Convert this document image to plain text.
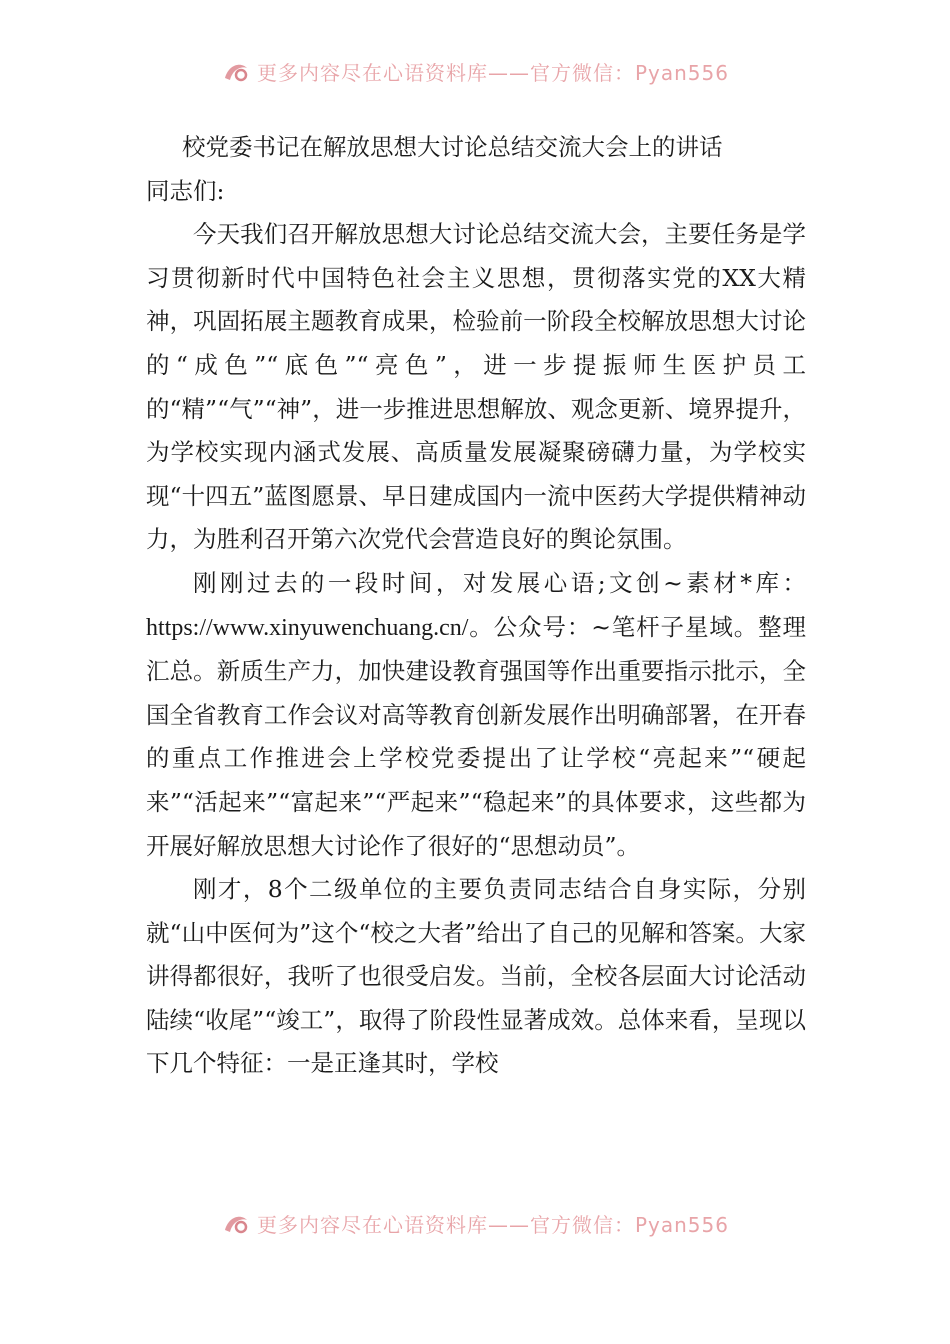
更多内容尽在心语资料库——官方微信：Pyan556

校党委书记在解放思想大讨论总结交流大会上的讲话

同志们:

今天我们召开解放思想大讨论总结交流大会，主要任务是学习贯彻新时代中国特色社会主义思想，贯彻落实党的XX大精神，巩固拓展主题教育成果，检验前一阶段全校解放思想大讨论的“成色”“底色”“亮色”，进一步提振师生医护员工的“精”“气”“神”，进一步推进思想解放、观念更新、境界提升，为学校实现内涵式发展、高质量发展凝聚磅礴力量，为学校实现“十四五”蓝图愿景、早日建成国内一流中医药大学提供精神动力，为胜利召开第六次党代会营造良好的舆论氛围。

刚刚过去的一段时间，对发展心语;文创~素材*库：https://www.xinyuwenchuang.cn/。公众号：~笔杆子星域。整理汇总。新质生产力，加快建设教育强国等作出重要指示批示，全国全省教育工作会议对高等教育创新发展作出明确部署，在开春的重点工作推进会上学校党委提出了让学校“亮起来”“硬起来”“活起来”“富起来”“严起来”“稳起来”的具体要求，这些都为开展好解放思想大讨论作了很好的“思想动员”。

刚才，8个二级单位的主要负责同志结合自身实际，分别就“山中医何为”这个“校之大者”给出了自己的见解和答案。大家讲得都很好，我听了也很受启发。当前，全校各层面大讨论活动陆续“收尾”“竣工”，取得了阶段性显著成效。总体来看，呈现以下几个特征：一是正逢其时，学校

更多内容尽在心语资料库——官方微信：Pyan556
